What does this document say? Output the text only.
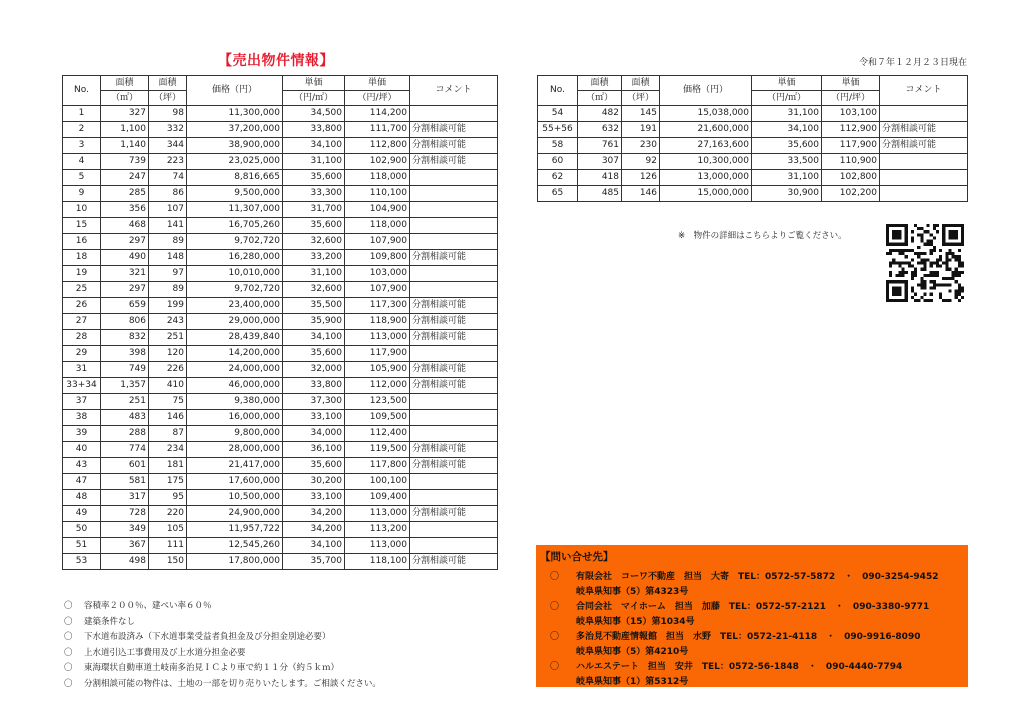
【売出物件情報】	令和７年１２月２３日現在
No.	面積	面積	価格（円）	単価	単価	コメント
	（㎡）	（坪）		（円/㎡）	（円/坪）	
1	327	98	11,300,000	34,500	114,200	
2	1,100	332	37,200,000	33,800	111,700	分割相談可能
3	1,140	344	38,900,000	34,100	112,800	分割相談可能
4	739	223	23,025,000	31,100	102,900	分割相談可能
5	247	74	8,816,665	35,600	118,000	
9	285	86	9,500,000	33,300	110,100	
10	356	107	11,307,000	31,700	104,900	
15	468	141	16,705,260	35,600	118,000	
16	297	89	9,702,720	32,600	107,900	
18	490	148	16,280,000	33,200	109,800	分割相談可能
19	321	97	10,010,000	31,100	103,000	
25	297	89	9,702,720	32,600	107,900	
26	659	199	23,400,000	35,500	117,300	分割相談可能
27	806	243	29,000,000	35,900	118,900	分割相談可能
28	832	251	28,439,840	34,100	113,000	分割相談可能
29	398	120	14,200,000	35,600	117,900	
31	749	226	24,000,000	32,000	105,900	分割相談可能
33+34	1,357	410	46,000,000	33,800	112,000	分割相談可能
37	251	75	9,380,000	37,300	123,500	
38	483	146	16,000,000	33,100	109,500	
39	288	87	9,800,000	34,000	112,400	
40	774	234	28,000,000	36,100	119,500	分割相談可能
43	601	181	21,417,000	35,600	117,800	分割相談可能
47	581	175	17,600,000	30,200	100,100	
48	317	95	10,500,000	33,100	109,400	
49	728	220	24,900,000	34,200	113,000	分割相談可能
50	349	105	11,957,722	34,200	113,200	
51	367	111	12,545,260	34,100	113,000	
53	498	150	17,800,000	35,700	118,100	分割相談可能
No.	面積	面積	価格（円）	単価	単価	コメント
	（㎡）	（坪）		（円/㎡）	（円/坪）	
54	482	145	15,038,000	31,100	103,100	
55+56	632	191	21,600,000	34,100	112,900	分割相談可能
58	761	230	27,163,600	35,600	117,900	分割相談可能
60	307	92	10,300,000	33,500	110,900	
62	418	126	13,000,000	31,100	102,800	
65	485	146	15,000,000	30,900	102,200	
※　物件の詳細はこちらよりご覧ください。
【問い合せ先】
〇 有限会社　コーワ不動産　担当　大寄　TEL：0572-57-5872　・　090-3254-9452
岐阜県知事（5）第4323号
〇 合同会社　マイホーム　担当　加藤　TEL：0572-57-2121　・　090-3380-9771
岐阜県知事（15）第1034号
〇 多治見不動産情報館　担当　水野　TEL：0572-21-4118　・　090-9916-8090
岐阜県知事（5）第4210号
〇 ハルエステート　担当　安井　TEL：0572-56-1848　・　090-4440-7794
岐阜県知事（1）第5312号
〇 容積率２００％、建ぺい率６０％
〇 建築条件なし
〇 下水道布設済み（下水道事業受益者負担金及び分担金別途必要）
〇 上水道引込工事費用及び上水道分担金必要
〇 東海環状自動車道土岐南多治見ＩＣより車で約１１分（約５ｋｍ）
〇 分割相談可能の物件は、土地の一部を切り売りいたします。ご相談ください。
